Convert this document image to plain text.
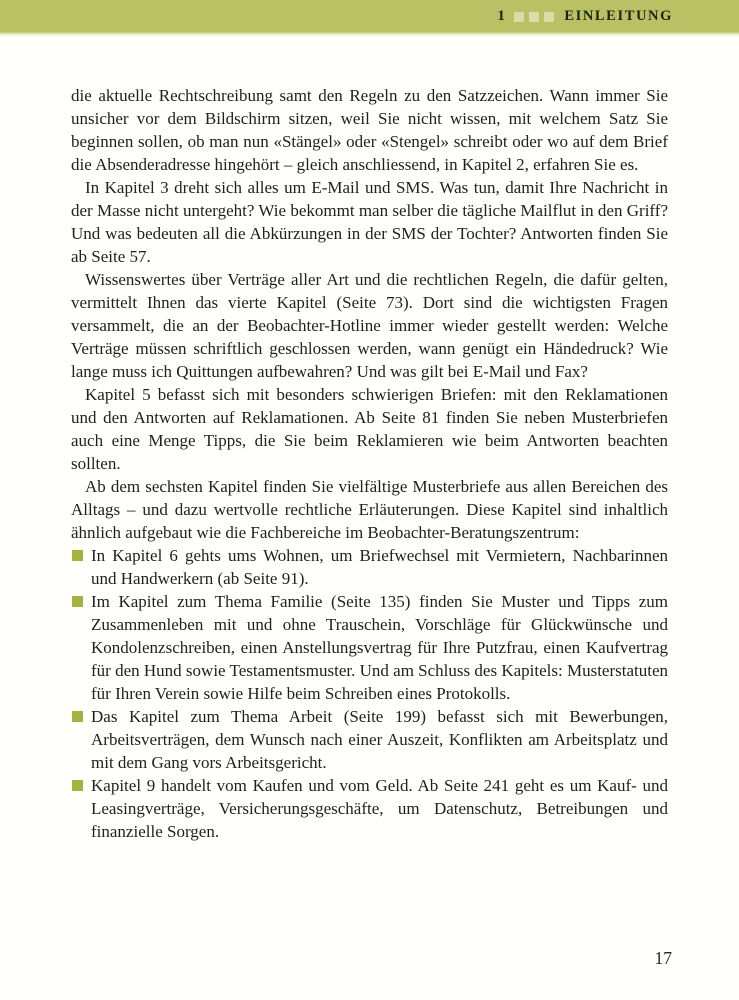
1	EINLEITUNG

die aktuelle Rechtschreibung samt den Regeln zu den Satzzeichen. Wann immer Sie unsicher vor dem Bildschirm sitzen, weil Sie nicht wissen, mit welchem Satz Sie beginnen sollen, ob man nun «Stängel» oder «Stengel» schreibt oder wo auf dem Brief die Absenderadresse hingehört – gleich anschliessend, in Kapitel 2, erfahren Sie es.

In Kapitel 3 dreht sich alles um E-Mail und SMS. Was tun, damit Ihre Nachricht in der Masse nicht untergeht? Wie bekommt man selber die tägliche Mailflut in den Griff? Und was bedeuten all die Abkürzungen in der SMS der Tochter? Antworten finden Sie ab Seite 57.

Wissenswertes über Verträge aller Art und die rechtlichen Regeln, die dafür gelten, vermittelt Ihnen das vierte Kapitel (Seite 73). Dort sind die wichtigsten Fragen versammelt, die an der Beobachter-Hotline immer wieder gestellt werden: Welche Verträge müssen schriftlich geschlossen werden, wann genügt ein Händedruck? Wie lange muss ich Quittungen aufbewahren? Und was gilt bei E-Mail und Fax?

Kapitel 5 befasst sich mit besonders schwierigen Briefen: mit den Reklamationen und den Antworten auf Reklamationen. Ab Seite 81 finden Sie neben Musterbriefen auch eine Menge Tipps, die Sie beim Reklamieren wie beim Antworten beachten sollten.

Ab dem sechsten Kapitel finden Sie vielfältige Musterbriefe aus allen Bereichen des Alltags – und dazu wertvolle rechtliche Erläuterungen. Diese Kapitel sind inhaltlich ähnlich aufgebaut wie die Fachbereiche im Beobachter-Beratungszentrum:

In Kapitel 6 gehts ums Wohnen, um Briefwechsel mit Vermietern, Nachbarinnen und Handwerkern (ab Seite 91).
Im Kapitel zum Thema Familie (Seite 135) finden Sie Muster und Tipps zum Zusammenleben mit und ohne Trauschein, Vorschläge für Glückwünsche und Kondolenzschreiben, einen Anstellungsvertrag für Ihre Putzfrau, einen Kaufvertrag für den Hund sowie Testamentsmuster. Und am Schluss des Kapitels: Musterstatuten für Ihren Verein sowie Hilfe beim Schreiben eines Protokolls.
Das Kapitel zum Thema Arbeit (Seite 199) befasst sich mit Bewerbungen, Arbeitsverträgen, dem Wunsch nach einer Auszeit, Konflikten am Arbeitsplatz und mit dem Gang vors Arbeitsgericht.
Kapitel 9 handelt vom Kaufen und vom Geld. Ab Seite 241 geht es um Kauf- und Leasingverträge, Versicherungsgeschäfte, um Datenschutz, Betreibungen und finanzielle Sorgen.
17
